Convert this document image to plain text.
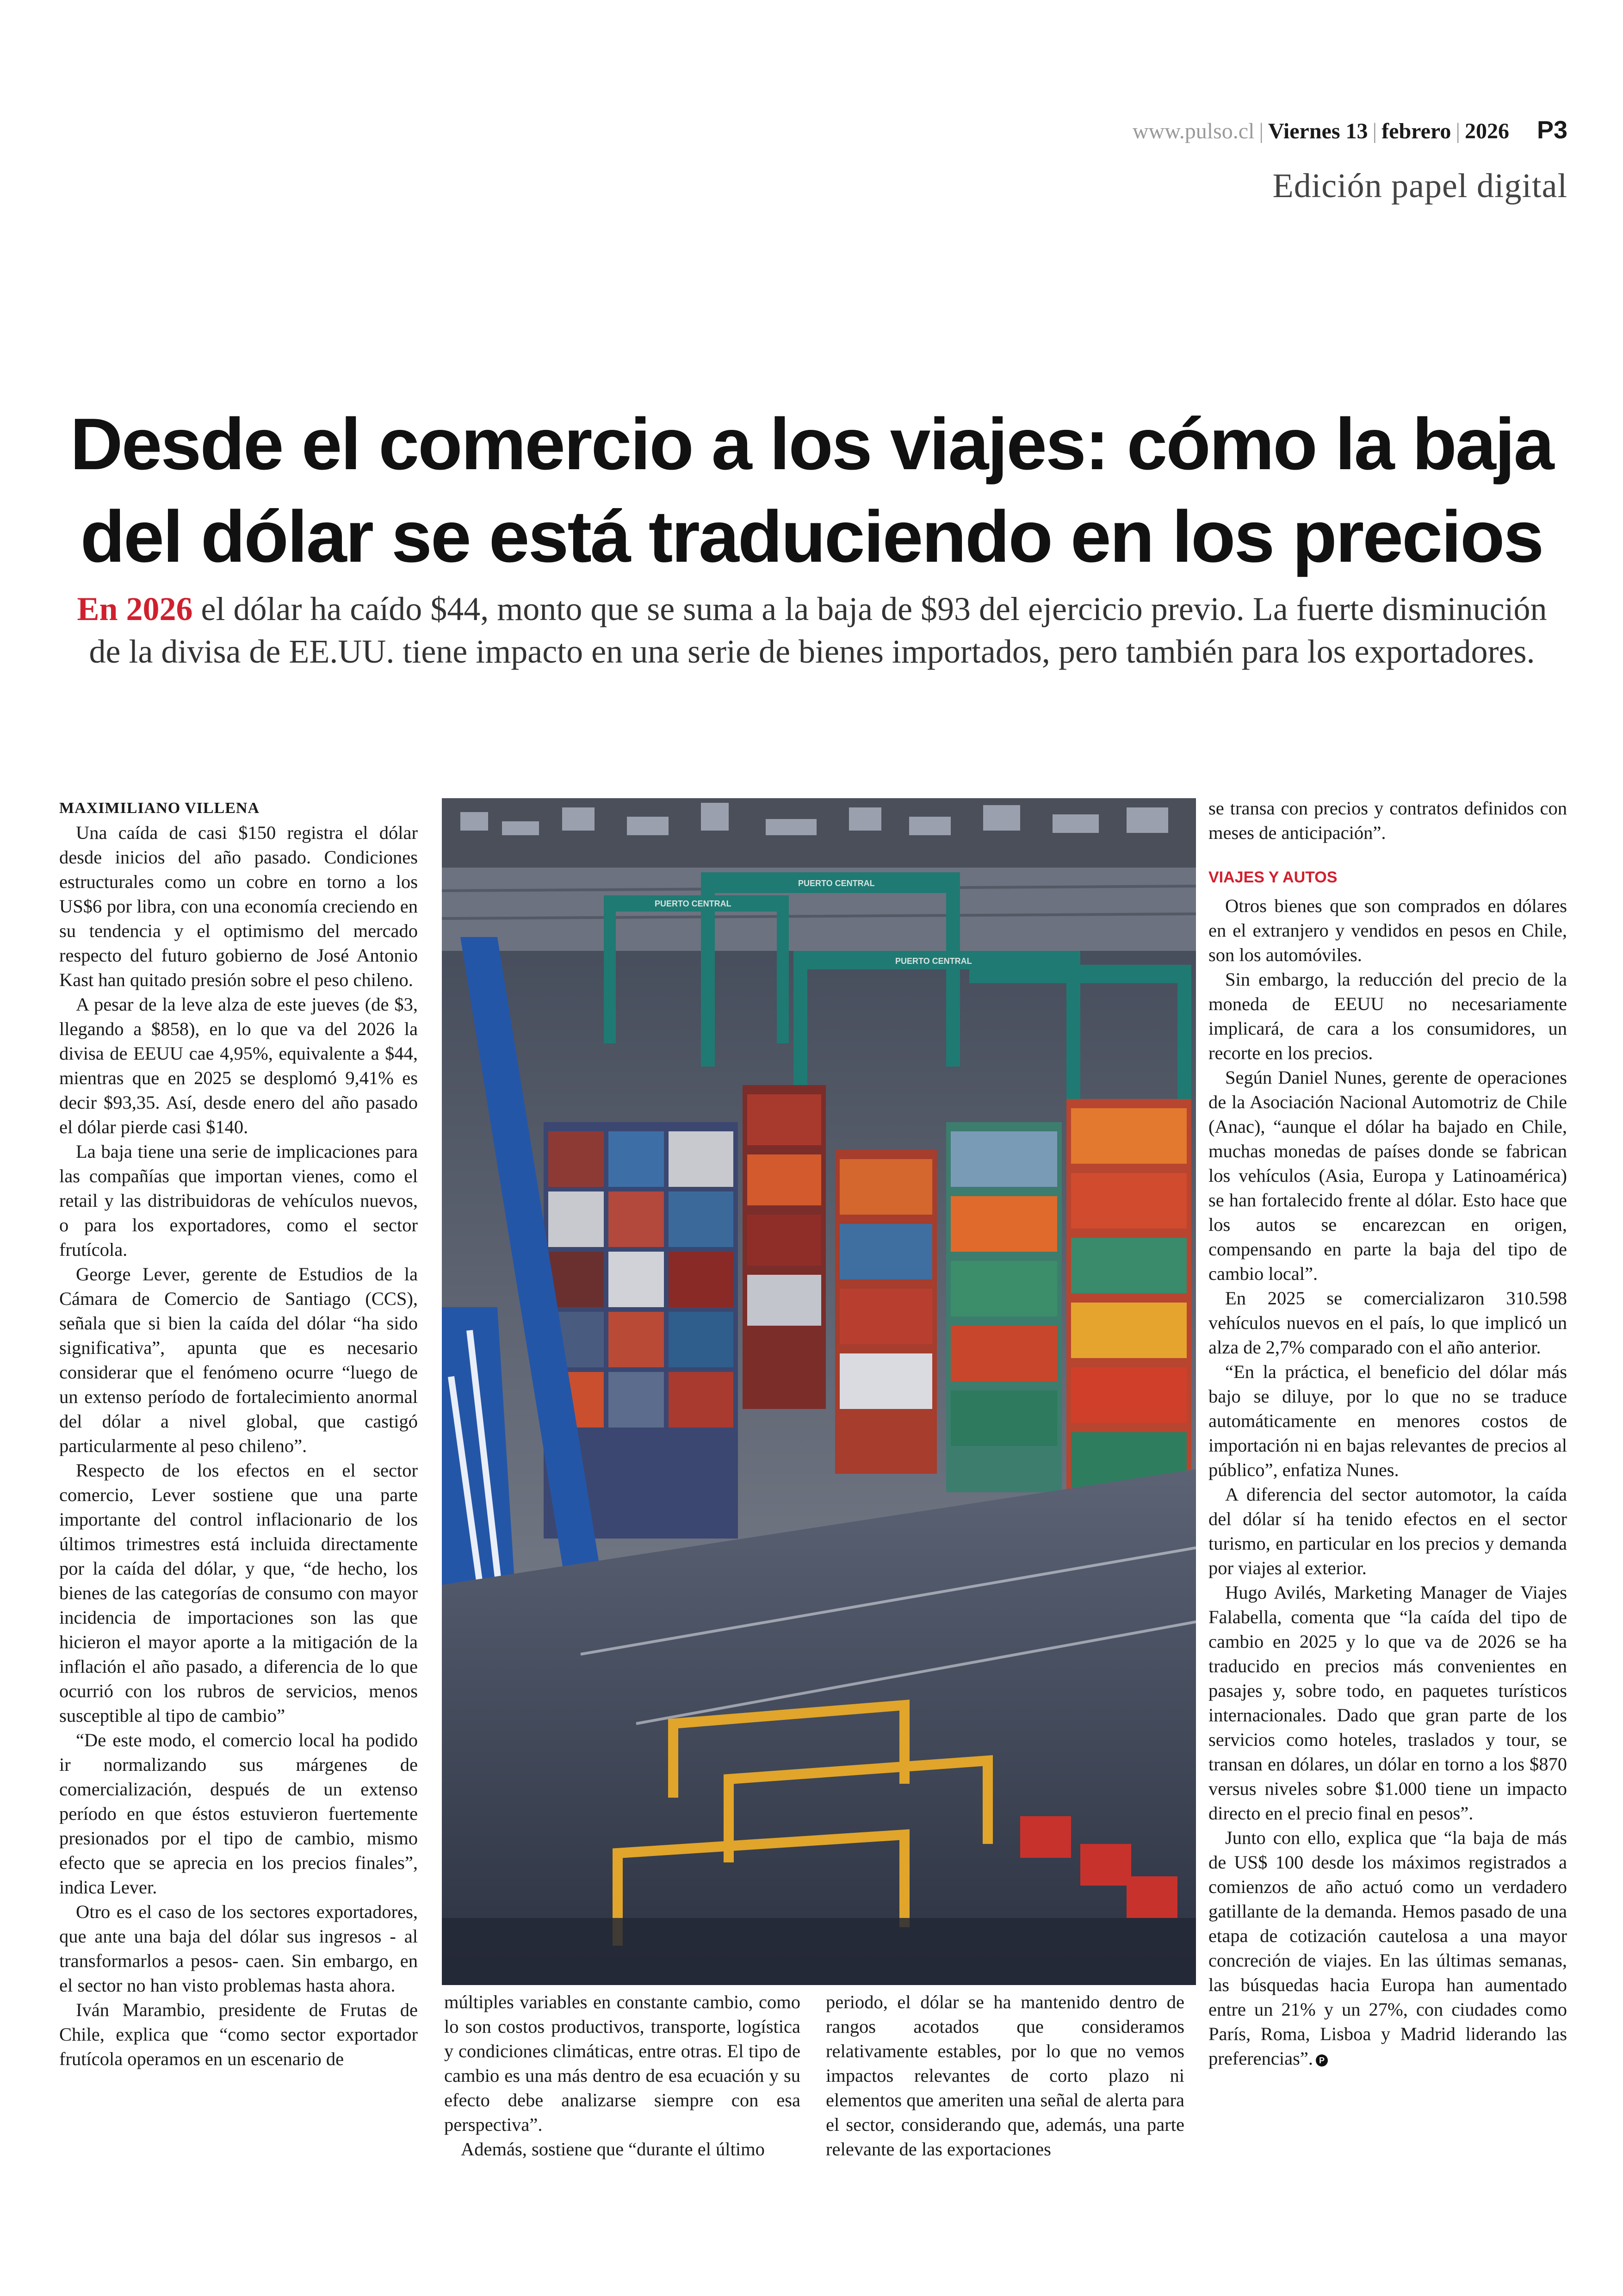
www.pulso.cl | Viernes 13 | febrero | 2026 P3
Edición papel digital
Desde el comercio a los viajes: cómo la baja
del dólar se está traduciendo en los precios
En 2026 el dólar ha caído $44, monto que se suma a la baja de $93 del ejercicio previo. La fuerte disminución
de la divisa de EE.UU. tiene impacto en una serie de bienes importados, pero también para los exportadores.

MAXIMILIANO VILLENA

Una caída de casi $150 registra el dólar desde inicios del año pasado. Condiciones estructurales como un cobre en torno a los US$6 por libra, con una economía creciendo en su tendencia y el optimismo del mercado respecto del futuro gobierno de José Antonio Kast han quitado presión sobre el peso chileno.

A pesar de la leve alza de este jueves (de $3, llegando a $858), en lo que va del 2026 la divisa de EEUU cae 4,95%, equivalente a $44, mientras que en 2025 se desplomó 9,41% es decir $93,35. Así, desde enero del año pasado el dólar pierde casi $140.

La baja tiene una serie de implicaciones para las compañías que importan vienes, como el retail y las distribuidoras de vehículos nuevos, o para los exportadores, como el sector frutícola.

George Lever, gerente de Estudios de la Cámara de Comercio de Santiago (CCS), señala que si bien la caída del dólar “ha sido significativa”, apunta que es necesario considerar que el fenómeno ocurre “luego de un extenso período de fortalecimiento anormal del dólar a nivel global, que castigó particularmente al peso chileno”.

Respecto de los efectos en el sector comercio, Lever sostiene que una parte importante del control inflacionario de los últimos trimestres está incluida directamente por la caída del dólar, y que, “de hecho, los bienes de las categorías de consumo con mayor incidencia de importaciones son las que hicieron el mayor aporte a la mitigación de la inflación el año pasado, a diferencia de lo que ocurrió con los rubros de servicios, menos susceptible al tipo de cambio”

“De este modo, el comercio local ha podido ir normalizando sus márgenes de comercialización, después de un extenso período en que éstos estuvieron fuertemente presionados por el tipo de cambio, mismo efecto que se aprecia en los precios finales”, indica Lever.

Otro es el caso de los sectores exportadores, que ante una baja del dólar sus ingresos - al transformarlos a pesos- caen. Sin embargo, en el sector no han visto problemas hasta ahora.

Iván Marambio, presidente de Frutas de Chile, explica que “como sector exportador frutícola operamos en un escenario de

PUERTO CENTRAL
PUERTO CENTRAL
PUERTO CENTRAL

múltiples variables en constante cambio, como lo son costos productivos, transporte, logística y condiciones climáticas, entre otras. El tipo de cambio es una más dentro de esa ecuación y su efecto debe analizarse siempre con esa perspectiva”.

Además, sostiene que “durante el último

periodo, el dólar se ha mantenido dentro de rangos acotados que consideramos relativamente estables, por lo que no vemos impactos relevantes de corto plazo ni elementos que ameriten una señal de alerta para el sector, considerando que, además, una parte relevante de las exportaciones

se transa con precios y contratos definidos con meses de anticipación”.

VIAJES Y AUTOS

Otros bienes que son comprados en dólares en el extranjero y vendidos en pesos en Chile, son los automóviles.

Sin embargo, la reducción del precio de la moneda de EEUU no necesariamente implicará, de cara a los consumidores, un recorte en los precios.

Según Daniel Nunes, gerente de operaciones de la Asociación Nacional Automotriz de Chile (Anac), “aunque el dólar ha bajado en Chile, muchas monedas de países donde se fabrican los vehículos (Asia, Europa y Latinoamérica) se han fortalecido frente al dólar. Esto hace que los autos se encarezcan en origen, compensando en parte la baja del tipo de cambio local”.

En 2025 se comercializaron 310.598 vehículos nuevos en el país, lo que implicó un alza de 2,7% comparado con el año anterior.

“En la práctica, el beneficio del dólar más bajo se diluye, por lo que no se traduce automáticamente en menores costos de importación ni en bajas relevantes de precios al público”, enfatiza Nunes.

A diferencia del sector automotor, la caída del dólar sí ha tenido efectos en el sector turismo, en particular en los precios y demanda por viajes al exterior.

Hugo Avilés, Marketing Manager de Viajes Falabella, comenta que “la caída del tipo de cambio en 2025 y lo que va de 2026 se ha traducido en precios más convenientes en pasajes y, sobre todo, en paquetes turísticos internacionales. Dado que gran parte de los servicios como hoteles, traslados y tour, se transan en dólares, un dólar en torno a los $870 versus niveles sobre $1.000 tiene un impacto directo en el precio final en pesos”.

Junto con ello, explica que “la baja de más de US$ 100 desde los máximos registrados a comienzos de año actuó como un verdadero gatillante de la demanda. Hemos pasado de una etapa de cotización cautelosa a una mayor concreción de viajes. En las últimas semanas, las búsquedas hacia Europa han aumentado entre un 21% y un 27%, con ciudades como París, Roma, Lisboa y Madrid liderando las preferencias”. P
